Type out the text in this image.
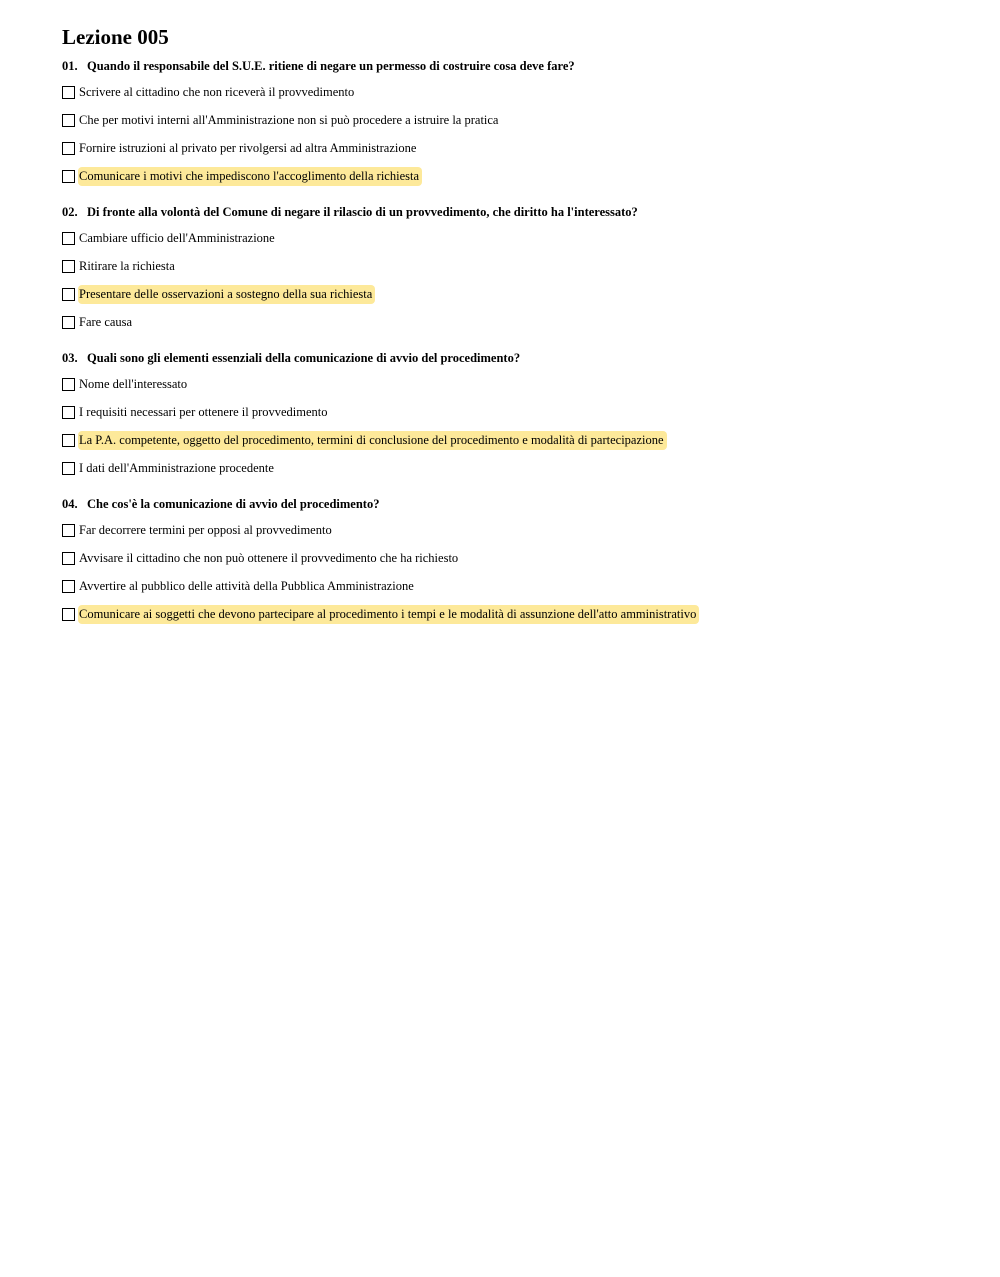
Lezione 005
01. Quando il responsabile del S.U.E. ritiene di negare un permesso di costruire cosa deve fare?
Scrivere al cittadino che non riceverà il provvedimento
Che per motivi interni all'Amministrazione non si può procedere a istruire la pratica
Fornire istruzioni al privato per rivolgersi ad altra Amministrazione
Comunicare i motivi che impediscono l'accoglimento della richiesta
02. Di fronte alla volontà del Comune di negare il rilascio di un provvedimento, che diritto ha l'interessato?
Cambiare ufficio dell'Amministrazione
Ritirare la richiesta
Presentare delle osservazioni a sostegno della sua richiesta
Fare causa
03. Quali sono gli elementi essenziali della comunicazione di avvio del procedimento?
Nome dell'interessato
I requisiti necessari per ottenere il provvedimento
La P.A. competente, oggetto del procedimento, termini di conclusione del procedimento e modalità di partecipazione
I dati dell'Amministrazione procedente
04. Che cos'è la comunicazione di avvio del procedimento?
Far decorrere termini per opposi al provvedimento
Avvisare il cittadino che non può ottenere il provvedimento che ha richiesto
Avvertire al pubblico delle attività della Pubblica Amministrazione
Comunicare ai soggetti che devono partecipare al procedimento i tempi e le modalità di assunzione dell'atto amministrativo
